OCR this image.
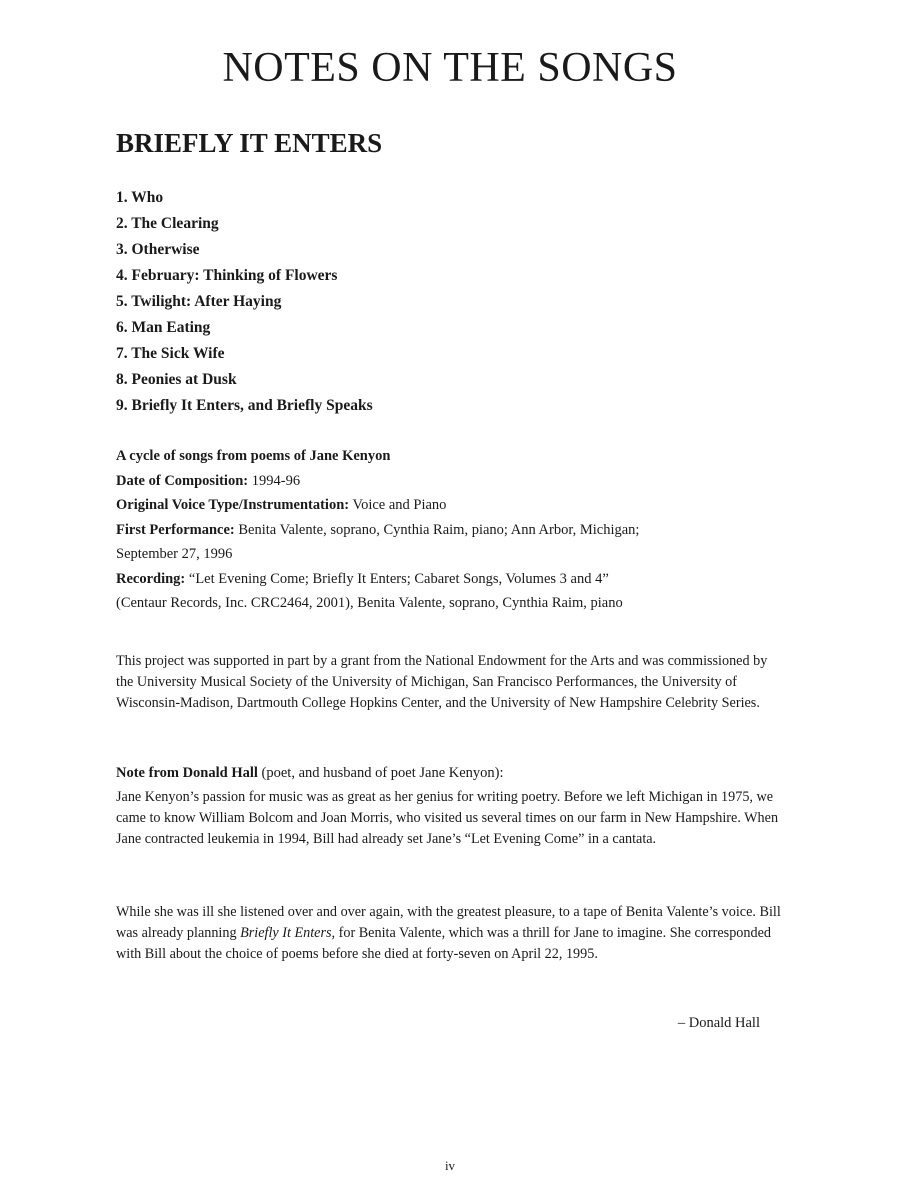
NOTES ON THE SONGS
BRIEFLY IT ENTERS
1. Who
2. The Clearing
3. Otherwise
4. February: Thinking of Flowers
5. Twilight: After Haying
6. Man Eating
7. The Sick Wife
8. Peonies at Dusk
9. Briefly It Enters, and Briefly Speaks

A cycle of songs from poems of Jane Kenyon

Date of Composition: 1994-96

Original Voice Type/Instrumentation: Voice and Piano

First Performance: Benita Valente, soprano, Cynthia Raim, piano; Ann Arbor, Michigan;

September 27, 1996

Recording: “Let Evening Come; Briefly It Enters; Cabaret Songs, Volumes 3 and 4”

(Centaur Records, Inc. CRC2464, 2001), Benita Valente, soprano, Cynthia Raim, piano

This project was supported in part by a grant from the National Endowment for the Arts and was commissioned by the University Musical Society of the University of Michigan, San Francisco Performances, the University of Wisconsin-Madison, Dartmouth College Hopkins Center, and the University of New Hampshire Celebrity Series.

Note from Donald Hall (poet, and husband of poet Jane Kenyon):

Jane Kenyon’s passion for music was as great as her genius for writing poetry. Before we left Michigan in 1975, we came to know William Bolcom and Joan Morris, who visited us several times on our farm in New Hampshire. When Jane contracted leukemia in 1994, Bill had already set Jane’s “Let Evening Come” in a cantata.

While she was ill she listened over and over again, with the greatest pleasure, to a tape of Benita Valente’s voice. Bill was already planning Briefly It Enters, for Benita Valente, which was a thrill for Jane to imagine. She corresponded with Bill about the choice of poems before she died at forty-seven on April 22, 1995.

– Donald Hall

iv
